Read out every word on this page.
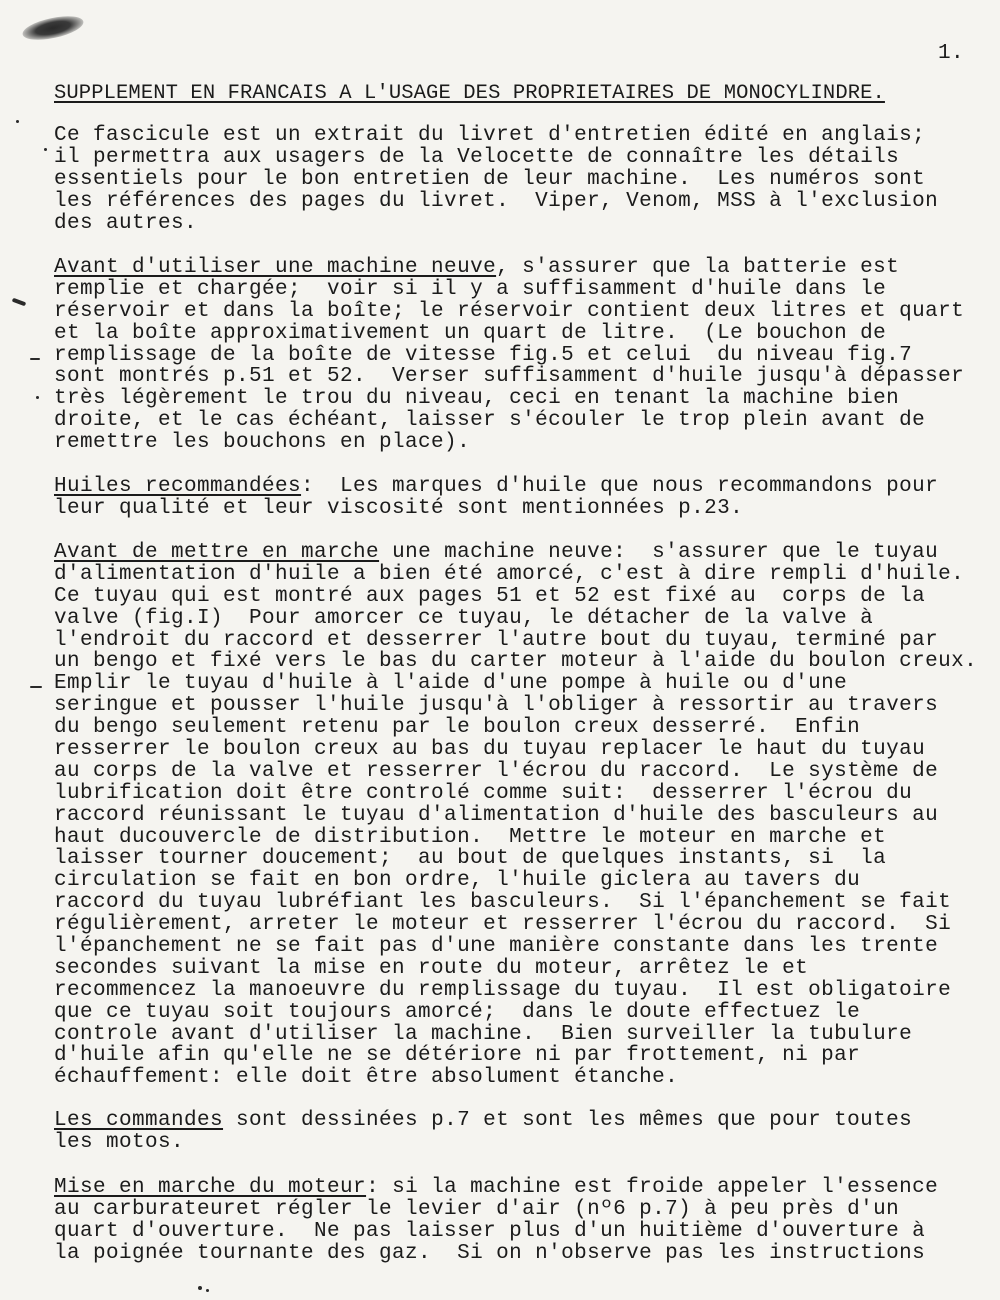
1.
SUPPLEMENT EN FRANCAIS A L'USAGE DES PROPRIETAIRES DE MONOCYLINDRE.
Ce fascicule est un extrait du livret d'entretien édité en anglais;
il permettra aux usagers de la Velocette de connaître les détails
essentiels pour le bon entretien de leur machine.  Les numéros sont
les références des pages du livret.  Viper, Venom, MSS à l'exclusion
des autres.
Avant d'utiliser une machine neuve, s'assurer que la batterie est
remplie et chargée;  voir si il y a suffisamment d'huile dans le
réservoir et dans la boîte; le réservoir contient deux litres et quart
et la boîte approximativement un quart de litre.  (Le bouchon de
remplissage de la boîte de vitesse fig.5 et celui  du niveau fig.7
sont montrés p.51 et 52.  Verser suffisamment d'huile jusqu'à dépasser
très légèrement le trou du niveau, ceci en tenant la machine bien
droite, et le cas échéant, laisser s'écouler le trop plein avant de
remettre les bouchons en place).
Huiles recommandées:  Les marques d'huile que nous recommandons pour
leur qualité et leur viscosité sont mentionnées p.23.
Avant de mettre en marche une machine neuve:  s'assurer que le tuyau
d'alimentation d'huile a bien été amorcé, c'est à dire rempli d'huile.
Ce tuyau qui est montré aux pages 51 et 52 est fixé au  corps de la
valve (fig.I)  Pour amorcer ce tuyau, le détacher de la valve à
l'endroit du raccord et desserrer l'autre bout du tuyau, terminé par
un bengo et fixé vers le bas du carter moteur à l'aide du boulon creux.
Emplir le tuyau d'huile à l'aide d'une pompe à huile ou d'une
seringue et pousser l'huile jusqu'à l'obliger à ressortir au travers
du bengo seulement retenu par le boulon creux desserré.  Enfin
resserrer le boulon creux au bas du tuyau replacer le haut du tuyau
au corps de la valve et resserrer l'écrou du raccord.  Le système de
lubrification doit être controlé comme suit:  desserrer l'écrou du
raccord réunissant le tuyau d'alimentation d'huile des basculeurs au
haut ducouvercle de distribution.  Mettre le moteur en marche et
laisser tourner doucement;  au bout de quelques instants, si  la
circulation se fait en bon ordre, l'huile giclera au tavers du
raccord du tuyau lubréfiant les basculeurs.  Si l'épanchement se fait
régulièrement, arreter le moteur et resserrer l'écrou du raccord.  Si
l'épanchement ne se fait pas d'une manière constante dans les trente
secondes suivant la mise en route du moteur, arrêtez le et
recommencez la manoeuvre du remplissage du tuyau.  Il est obligatoire
que ce tuyau soit toujours amorcé;  dans le doute effectuez le
controle avant d'utiliser la machine.  Bien surveiller la tubulure
d'huile afin qu'elle ne se détériore ni par frottement, ni par
échauffement: elle doit être absolument étanche.
Les commandes sont dessinées p.7 et sont les mêmes que pour toutes
les motos.
Mise en marche du moteur: si la machine est froide appeler l'essence
au carburateuret régler le levier d'air (nº6 p.7) à peu près d'un
quart d'ouverture.  Ne pas laisser plus d'un huitième d'ouverture à
la poignée tournante des gaz.  Si on n'observe pas les instructions
